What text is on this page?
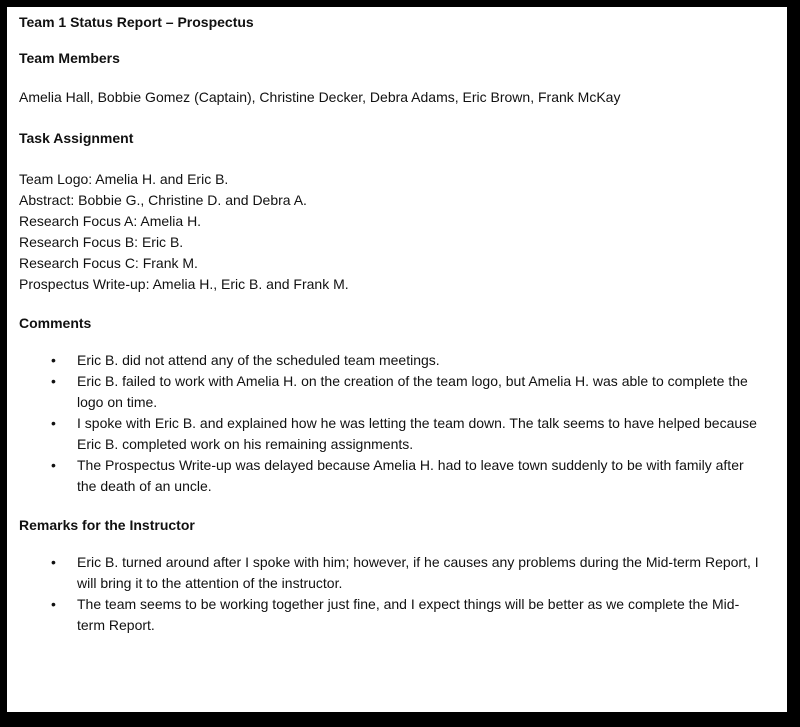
Team 1 Status Report – Prospectus
Team Members
Amelia Hall, Bobbie Gomez (Captain), Christine Decker, Debra Adams, Eric Brown, Frank McKay
Task Assignment
Team Logo: Amelia H. and Eric B.
Abstract: Bobbie G., Christine D. and Debra A.
Research Focus A: Amelia H.
Research Focus B: Eric B.
Research Focus C: Frank M.
Prospectus Write-up: Amelia H., Eric B. and Frank M.
Comments
• Eric B. did not attend any of the scheduled team meetings.
• Eric B. failed to work with Amelia H. on the creation of the team logo, but Amelia H. was able to complete the logo on time.
• I spoke with Eric B. and explained how he was letting the team down. The talk seems to have helped because Eric B. completed work on his remaining assignments.
• The Prospectus Write-up was delayed because Amelia H. had to leave town suddenly to be with family after the death of an uncle.
Remarks for the Instructor
• Eric B. turned around after I spoke with him; however, if he causes any problems during the Mid-term Report, I will bring it to the attention of the instructor.
• The team seems to be working together just fine, and I expect things will be better as we complete the Mid-term Report.
